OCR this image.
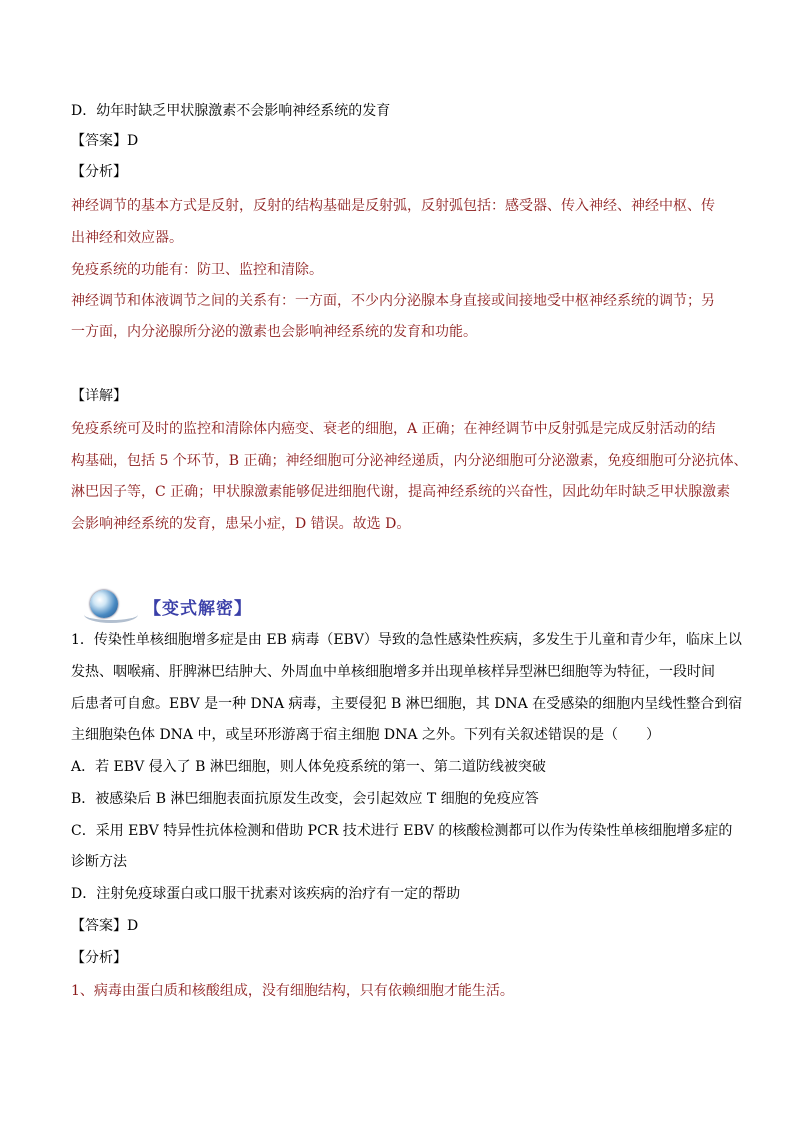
D．幼年时缺乏甲状腺激素不会影响神经系统的发育
【答案】D
【分析】
神经调节的基本方式是反射，反射的结构基础是反射弧，反射弧包括：感受器、传入神经、神经中枢、传
出神经和效应器。
免疫系统的功能有：防卫、监控和清除。
神经调节和体液调节之间的关系有：一方面，不少内分泌腺本身直接或间接地受中枢神经系统的调节；另
一方面，内分泌腺所分泌的激素也会影响神经系统的发育和功能。
【详解】
免疫系统可及时的监控和清除体内癌变、衰老的细胞，A 正确；在神经调节中反射弧是完成反射活动的结
构基础，包括 5 个环节，B 正确；神经细胞可分泌神经递质，内分泌细胞可分泌激素，免疫细胞可分泌抗体、
淋巴因子等，C 正确；甲状腺激素能够促进细胞代谢，提高神经系统的兴奋性，因此幼年时缺乏甲状腺激素
会影响神经系统的发育，患呆小症，D 错误。故选 D。
【变式解密】
1．传染性单核细胞增多症是由 EB 病毒（EBV）导致的急性感染性疾病，多发生于儿童和青少年，临床上以
发热、咽喉痛、肝脾淋巴结肿大、外周血中单核细胞增多并出现单核样异型淋巴细胞等为特征，一段时间
后患者可自愈。EBV 是一种 DNA 病毒，主要侵犯 B 淋巴细胞，其 DNA 在受感染的细胞内呈线性整合到宿
主细胞染色体 DNA 中，或呈环形游离于宿主细胞 DNA 之外。下列有关叙述错误的是（　　）
A．若 EBV 侵入了 B 淋巴细胞，则人体免疫系统的第一、第二道防线被突破
B．被感染后 B 淋巴细胞表面抗原发生改变，会引起效应 T 细胞的免疫应答
C．采用 EBV 特异性抗体检测和借助 PCR 技术进行 EBV 的核酸检测都可以作为传染性单核细胞增多症的
诊断方法
D．注射免疫球蛋白或口服干扰素对该疾病的治疗有一定的帮助
【答案】D
【分析】
1、病毒由蛋白质和核酸组成，没有细胞结构，只有依赖细胞才能生活。
